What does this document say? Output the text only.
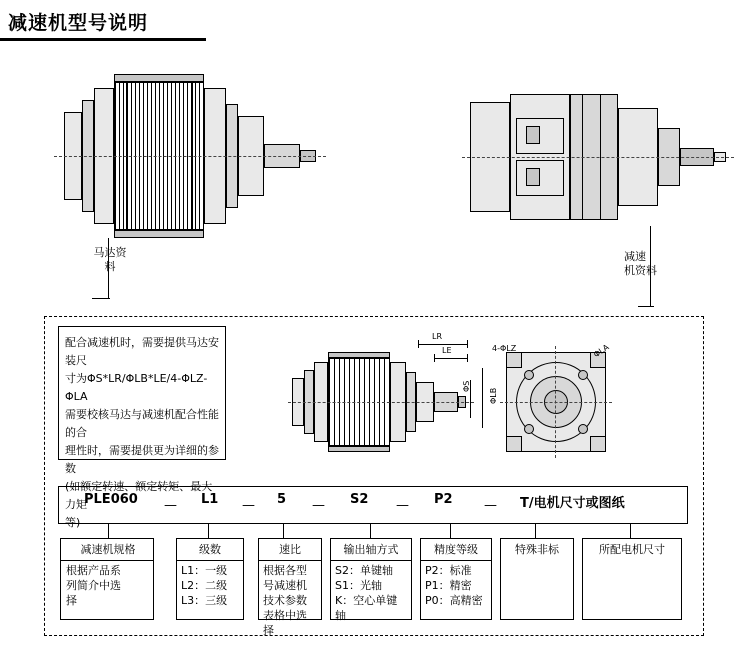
减速机型号说明
马达资
料
减速
机资料
配合减速机时，需要提供马达安装尺
寸为ΦS*LR/ΦLB*LE/4-ΦLZ-ΦLA
需要校核马达与减速机配合性能的合
理性时，需要提供更为详细的参数
(如额定转速、额定转矩、最大力矩
等)
LR
LE
ΦS
ΦLB
4-ΦLZ	ΦLA
PLE060 — L1 — 5 — S2 — P2 — T/电机尺寸或图纸
减速机规格
根据产品系
列简介中选
择
级数
L1：一级
L2：二级
L3：三级
速比
根据各型
号减速机
技术参数
表格中选
择
输出轴方式
S2：单键轴
S1：光轴
K：空心单键
轴
精度等级
P2：标准
P1：精密
P0：高精密
特殊非标	所配电机尺寸
